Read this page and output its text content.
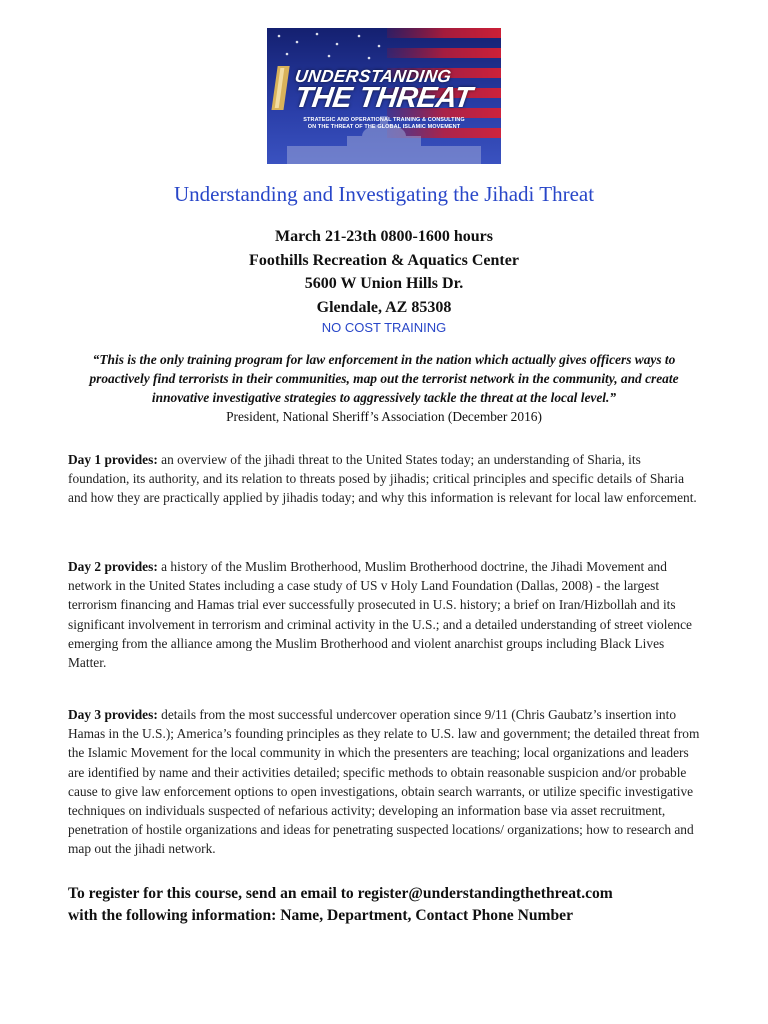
UNDERSTANDING
THE THREAT
STRATEGIC AND OPERATIONAL TRAINING & CONSULTING
ON THE THREAT OF THE GLOBAL ISLAMIC MOVEMENT
Understanding and Investigating the Jihadi Threat
March 21-23th 0800-1600 hours
Foothills Recreation & Aquatics Center
5600 W Union Hills Dr.
Glendale, AZ 85308
NO COST TRAINING
“This is the only training program for law enforcement in the nation which actually gives officers ways to proactively find terrorists in their communities, map out the terrorist network in the community, and create innovative investigative strategies to aggressively tackle the threat at the local level.”
President, National Sheriff’s Association (December 2016)
Day 1 provides: an overview of the jihadi threat to the United States today; an understanding of Sharia, its foundation, its authority, and its relation to threats posed by jihadis; critical principles and specific details of Sharia and how they are practically applied by jihadis today; and why this information is relevant for local law enforcement.
Day 2 provides: a history of the Muslim Brotherhood, Muslim Brotherhood doctrine, the Jihadi Movement and network in the United States including a case study of US v Holy Land Foundation (Dallas, 2008) - the largest terrorism financing and Hamas trial ever successfully prosecuted in U.S. history; a brief on Iran/Hizbollah and its significant involvement in terrorism and criminal activity in the U.S.; and a detailed understanding of street violence emerging from the alliance among the Muslim Brotherhood and violent anarchist groups including Black Lives Matter.
Day 3 provides: details from the most successful undercover operation since 9/11 (Chris Gaubatz’s insertion into Hamas in the U.S.); America’s founding principles as they relate to U.S. law and government; the detailed threat from the Islamic Movement for the local community in which the presenters are teaching; local organizations and leaders are identified by name and their activities detailed; specific methods to obtain reasonable suspicion and/or probable cause to give law enforcement options to open investigations, obtain search warrants, or utilize specific investigative techniques on individuals suspected of nefarious activity; developing an information base via asset recruitment, penetration of hostile organizations and ideas for penetrating suspected locations/ organizations; how to research and map out the jihadi network.
To register for this course, send an email to register@understandingthethreat.com
with the following information: Name, Department, Contact Phone Number
